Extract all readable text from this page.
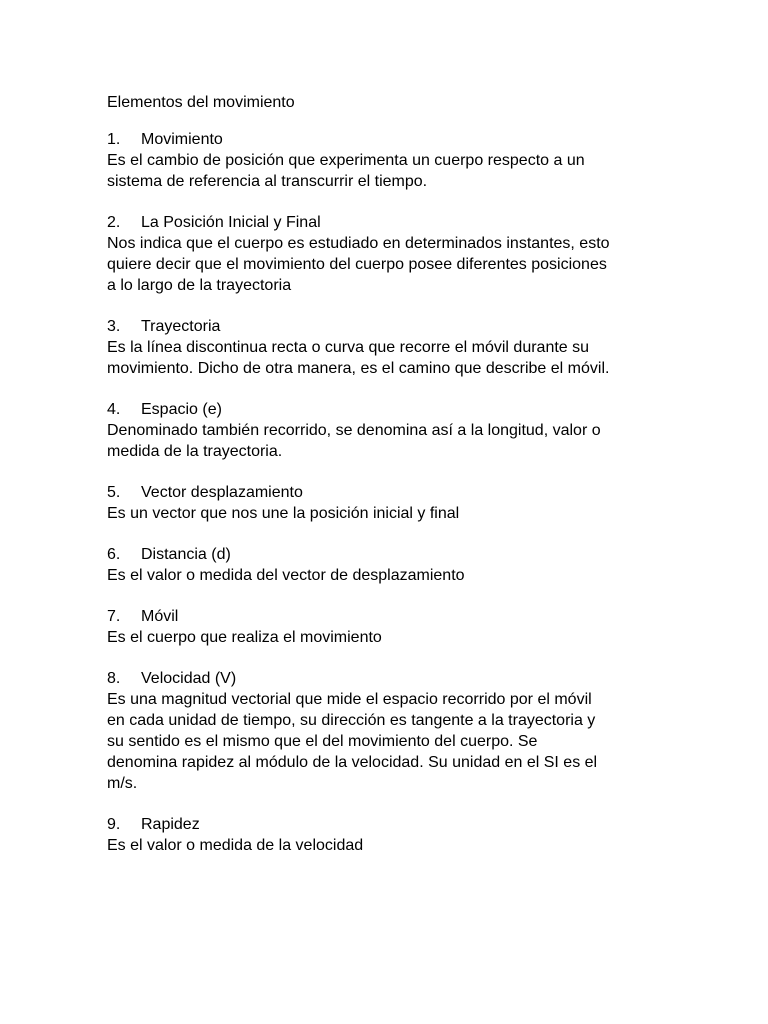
Elementos del movimiento
1.	Movimiento

Es el cambio de posición que experimenta un cuerpo respecto a un
sistema de referencia al transcurrir el tiempo.

2.	La Posición Inicial y Final

Nos indica que el cuerpo es estudiado en determinados instantes, esto
quiere decir que el movimiento del cuerpo posee diferentes posiciones
a lo largo de la trayectoria

3.	Trayectoria

Es la línea discontinua recta o curva que recorre el móvil durante su
movimiento. Dicho de otra manera, es el camino que describe el móvil.

4.	Espacio (e)

Denominado también recorrido, se denomina así a la longitud, valor o
medida de la trayectoria.

5.	Vector desplazamiento

Es un vector que nos une la posición inicial y final

6.	Distancia (d)

Es el valor o medida del vector de desplazamiento

7.	Móvil

Es el cuerpo que realiza el movimiento

8.	Velocidad (V)

Es una magnitud vectorial que mide el espacio recorrido por el móvil
en cada unidad de tiempo, su dirección es tangente a la trayectoria y
su sentido es el mismo que el del movimiento del cuerpo. Se
denomina rapidez al módulo de la velocidad. Su unidad en el SI es el
m/s.

9.	Rapidez

Es el valor o medida de la velocidad
